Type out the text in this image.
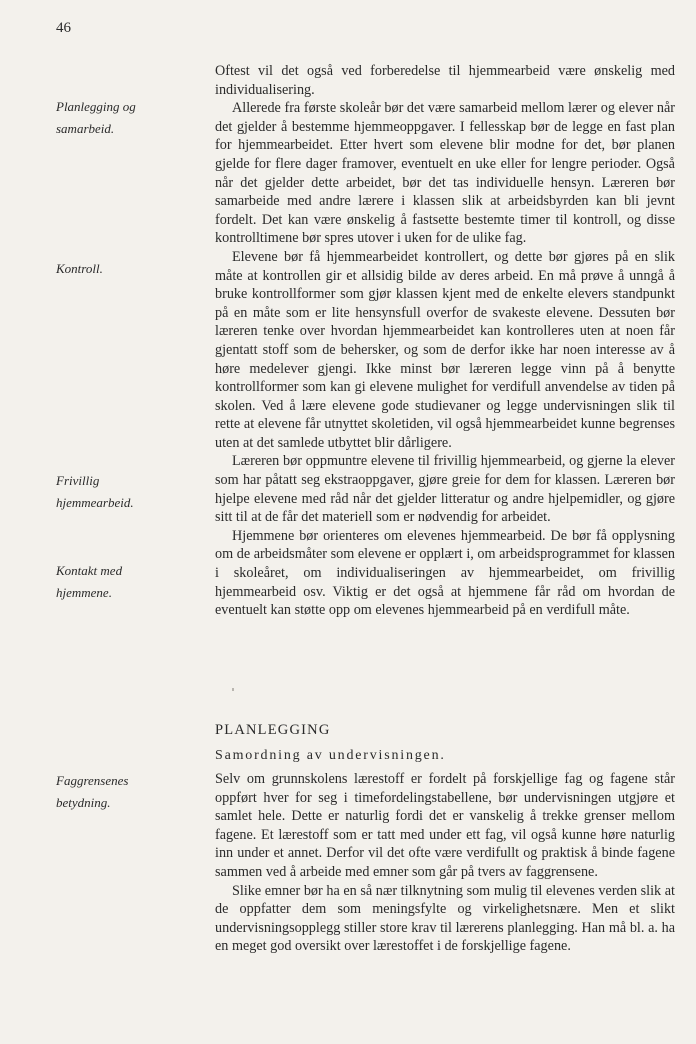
46
Planlegging og
samarbeid.
Kontroll.
Frivillig
hjemmearbeid.
Kontakt med
hjemmene.
Faggrensenes
betydning.

Oftest vil det også ved forberedelse til hjemmearbeid være ønskelig med individualisering.

Allerede fra første skoleår bør det være samarbeid mellom lærer og elever når det gjelder å bestemme hjemmeoppgaver. I fellesskap bør de legge en fast plan for hjemmearbeidet. Etter hvert som elevene blir modne for det, bør planen gjelde for flere dager framover, eventuelt en uke eller for lengre perioder. Også når det gjelder dette arbeidet, bør det tas individuelle hensyn. Læreren bør samarbeide med andre lærere i klassen slik at arbeidsbyrden kan bli jevnt fordelt. Det kan være ønskelig å fastsette bestemte timer til kontroll, og disse kontrolltimene bør spres utover i uken for de ulike fag.

Elevene bør få hjemmearbeidet kontrollert, og dette bør gjøres på en slik måte at kontrollen gir et allsidig bilde av deres arbeid. En må prøve å unngå å bruke kontrollformer som gjør klassen kjent med de enkelte elevers standpunkt på en måte som er lite hensynsfull overfor de svakeste elevene. Dessuten bør læreren tenke over hvordan hjemmearbeidet kan kontrolleres uten at noen får gjentatt stoff som de behersker, og som de derfor ikke har noen interesse av å høre medelever gjengi. Ikke minst bør læreren legge vinn på å benytte kontrollformer som kan gi elevene mulighet for verdifull anvendelse av tiden på skolen. Ved å lære elevene gode studievaner og legge undervisningen slik til rette at elevene får utnyttet skoletiden, vil også hjemmearbeidet kunne begrenses uten at det samlede utbyttet blir dårligere.

Læreren bør oppmuntre elevene til frivillig hjemmearbeid, og gjerne la elever som har påtatt seg ekstraoppgaver, gjøre greie for dem for klassen. Læreren bør hjelpe elevene med råd når det gjelder litteratur og andre hjelpemidler, og gjøre sitt til at de får det materiell som er nødvendig for arbeidet.

Hjemmene bør orienteres om elevenes hjemmearbeid. De bør få opplysning om de arbeidsmåter som elevene er opplært i, om arbeidsprogrammet for klassen i skoleåret, om individualiseringen av hjemmearbeidet, om frivillig hjemmearbeid osv. Viktig er det også at hjemmene får råd om hvordan de eventuelt kan støtte opp om elevenes hjemmearbeid på en verdifull måte.

PLANLEGGING
Samordning av undervisningen.

Selv om grunnskolens lærestoff er fordelt på forskjellige fag og fagene står oppført hver for seg i timefordelingstabellene, bør undervisningen utgjøre et samlet hele. Dette er naturlig fordi det er vanskelig å trekke grenser mellom fagene. Et lærestoff som er tatt med under ett fag, vil også kunne høre naturlig inn under et annet. Derfor vil det ofte være verdifullt og praktisk å binde fagene sammen ved å arbeide med emner som går på tvers av faggrensene.

Slike emner bør ha en så nær tilknytning som mulig til elevenes verden slik at de oppfatter dem som meningsfylte og virkelighetsnære. Men et slikt undervisningsopplegg stiller store krav til lærerens planlegging. Han må bl. a. ha en meget god oversikt over lærestoffet i de forskjellige fagene.
